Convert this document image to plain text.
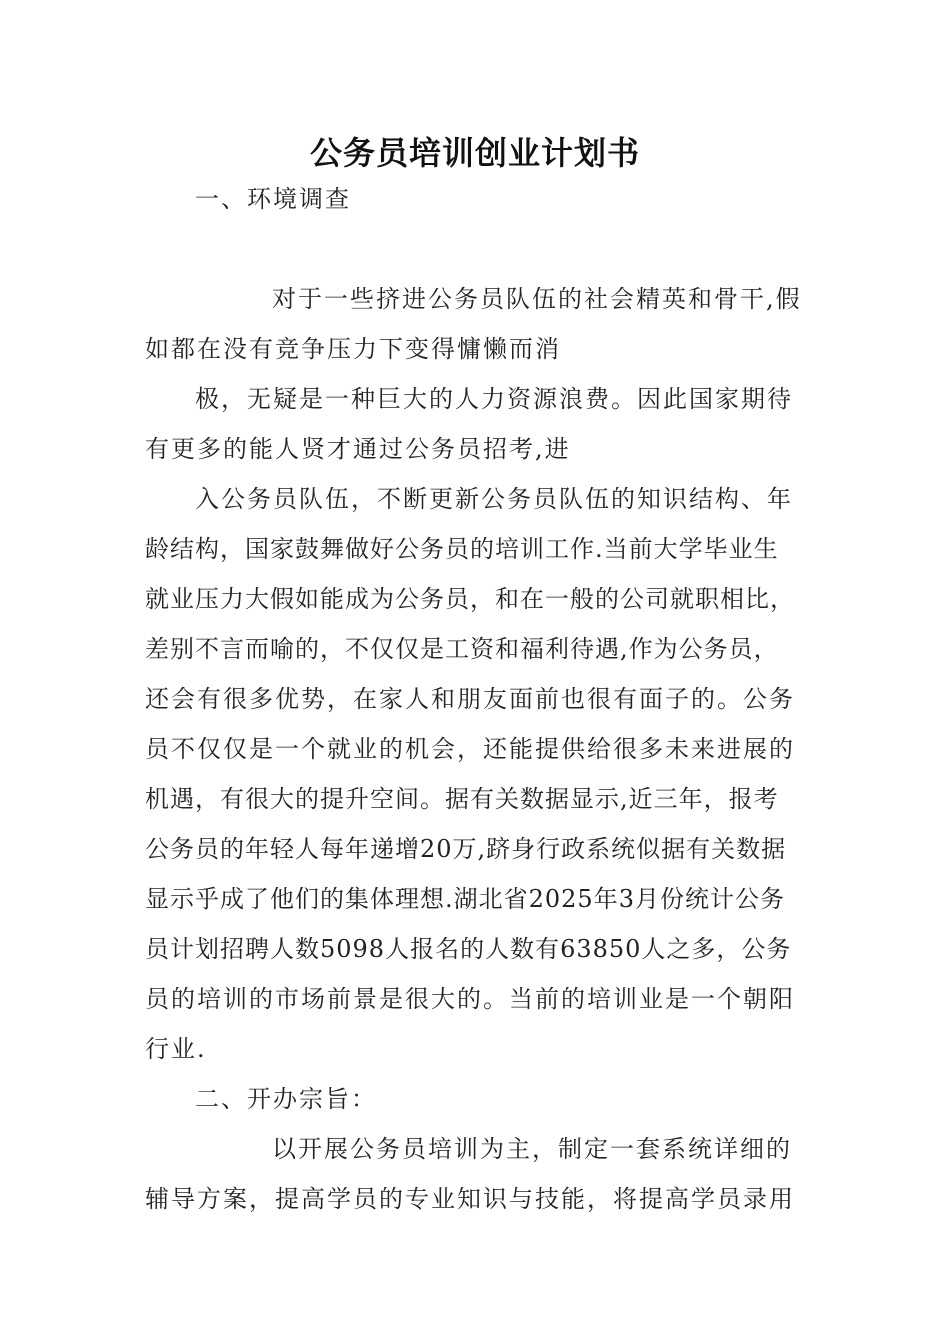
公务员培训创业计划书
一、环境调查
对于一些挤进公务员队伍的社会精英和骨干,假
如都在没有竞争压力下变得慵懒而消
极，无疑是一种巨大的人力资源浪费。因此国家期待
有更多的能人贤才通过公务员招考,进
入公务员队伍，不断更新公务员队伍的知识结构、年
龄结构，国家鼓舞做好公务员的培训工作.当前大学毕业生
就业压力大假如能成为公务员，和在一般的公司就职相比，
差别不言而喻的，不仅仅是工资和福利待遇,作为公务员，
还会有很多优势，在家人和朋友面前也很有面子的。公务
员不仅仅是一个就业的机会，还能提供给很多未来进展的
机遇，有很大的提升空间。据有关数据显示,近三年，报考
公务员的年轻人每年递增20万,跻身行政系统似据有关数据
显示乎成了他们的集体理想.湖北省2025年3月份统计公务
员计划招聘人数5098人报名的人数有63850人之多，公务
员的培训的市场前景是很大的。当前的培训业是一个朝阳
行业.
二、开办宗旨：
以开展公务员培训为主，制定一套系统详细的
辅导方案，提高学员的专业知识与技能，将提高学员录用
